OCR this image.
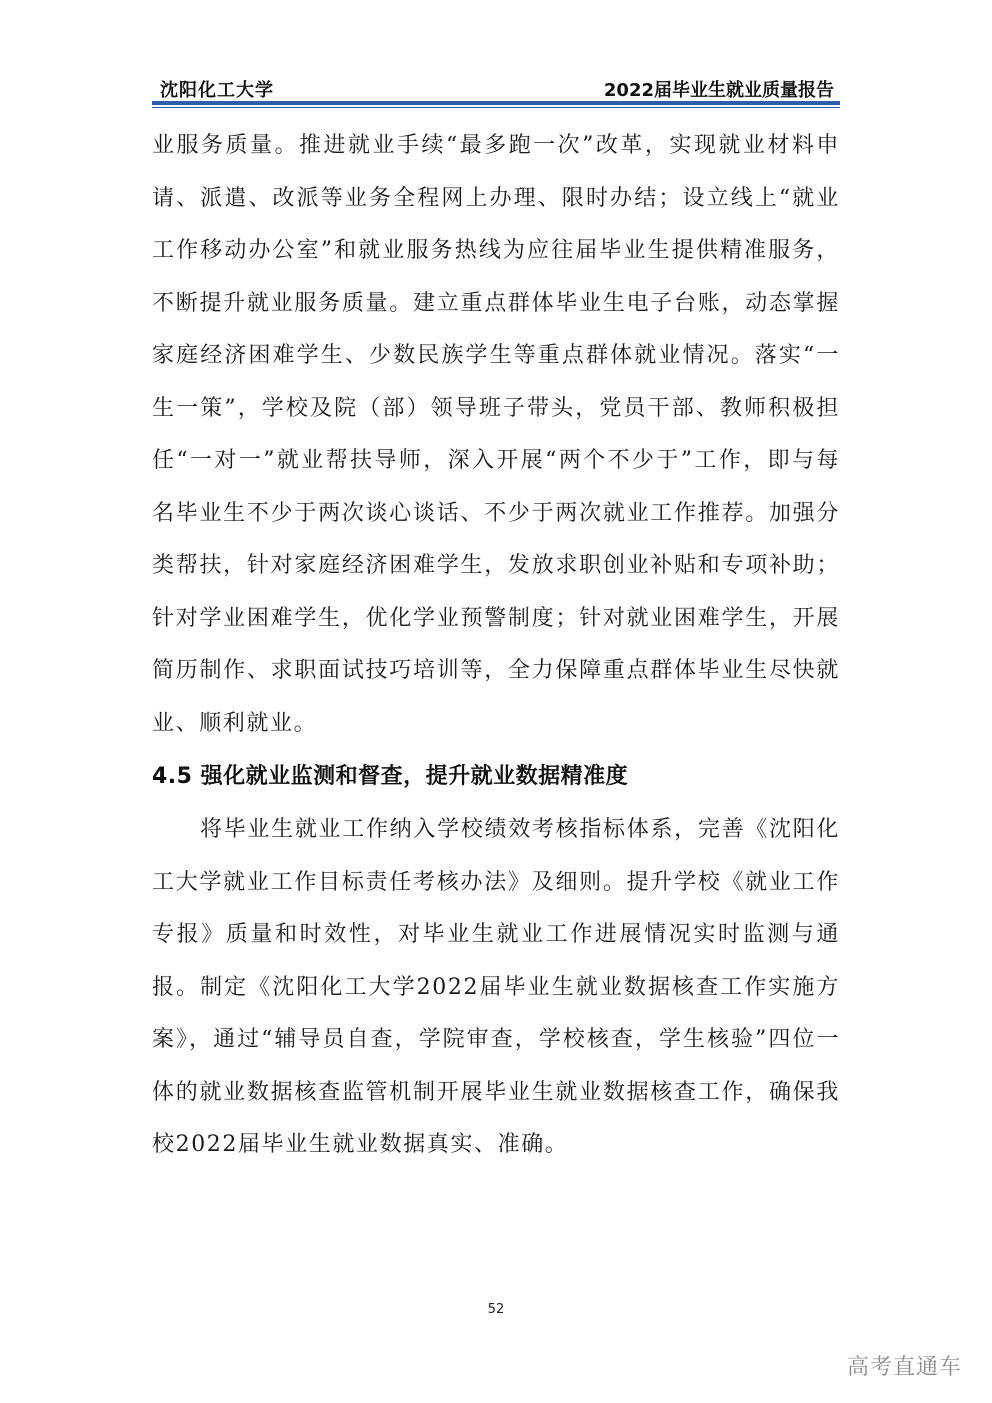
沈阳化工大学	2022届毕业生就业质量报告

业服务质量。推进就业手续“最多跑一次”改革，实现就业材料申请、派遣、改派等业务全程网上办理、限时办结；设立线上“就业工作移动办公室”和就业服务热线为应往届毕业生提供精准服务，不断提升就业服务质量。建立重点群体毕业生电子台账，动态掌握家庭经济困难学生、少数民族学生等重点群体就业情况。落实“一生一策”，学校及院（部）领导班子带头，党员干部、教师积极担任“一对一”就业帮扶导师，深入开展“两个不少于”工作，即与每名毕业生不少于两次谈心谈话、不少于两次就业工作推荐。加强分类帮扶，针对家庭经济困难学生，发放求职创业补贴和专项补助；针对学业困难学生，优化学业预警制度；针对就业困难学生，开展简历制作、求职面试技巧培训等，全力保障重点群体毕业生尽快就业、顺利就业。

4.5 强化就业监测和督查，提升就业数据精准度

将毕业生就业工作纳入学校绩效考核指标体系，完善《沈阳化工大学就业工作目标责任考核办法》及细则。提升学校《就业工作专报》质量和时效性，对毕业生就业工作进展情况实时监测与通报。制定《沈阳化工大学2022届毕业生就业数据核查工作实施方案》，通过“辅导员自查，学院审查，学校核查，学生核验”四位一体的就业数据核查监管机制开展毕业生就业数据核查工作，确保我校2022届毕业生就业数据真实、准确。

52
高考直通车
